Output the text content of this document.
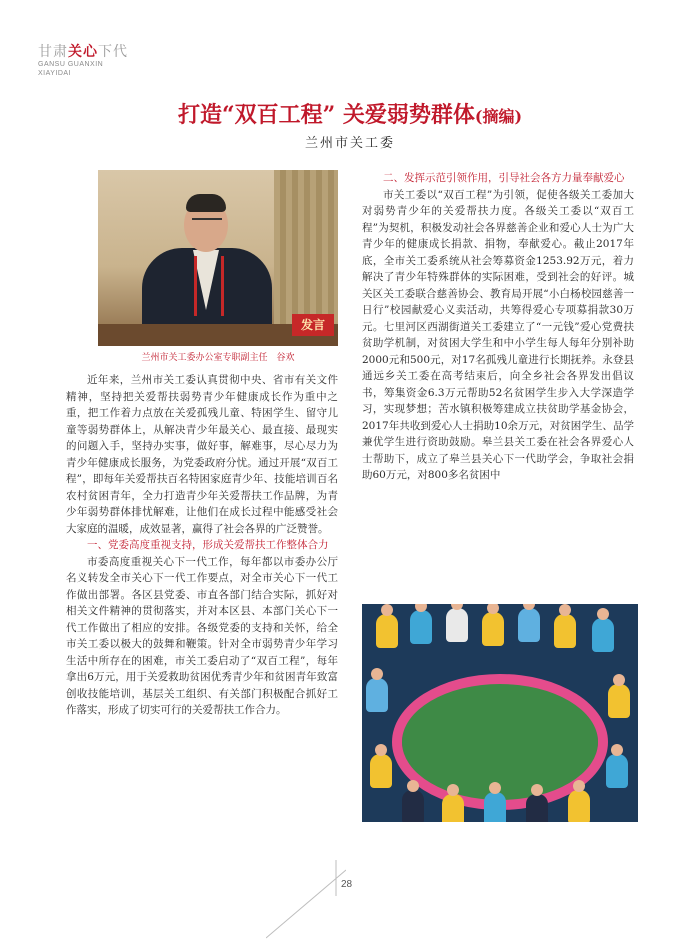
甘肃关心下代
GANSU GUANXIN
XIAYIDAI
打造“双百工程” 关爱弱势群体(摘编)
兰州市关工委
发言
兰州市关工委办公室专职副主任　谷欢

近年来，兰州市关工委认真贯彻中央、省市有关文件精神，坚持把关爱帮扶弱势青少年健康成长作为重中之重，把工作着力点放在关爱孤残儿童、特困学生、留守儿童等弱势群体上，从解决青少年最关心、最直接、最现实的问题入手，坚持办实事，做好事，解难事，尽心尽力为青少年健康成长服务，为党委政府分忧。通过开展“双百工程”，即每年关爱帮扶百名特困家庭青少年、技能培训百名农村贫困青年，全力打造青少年关爱帮扶工作品牌，为青少年弱势群体排忧解难，让他们在成长过程中能感受社会大家庭的温暖，成效显著，赢得了社会各界的广泛赞誉。

一、党委高度重视支持，形成关爱帮扶工作整体合力

市委高度重视关心下一代工作，每年都以市委办公厅名义转发全市关心下一代工作要点，对全市关心下一代工作做出部署。各区县党委、市直各部门结合实际，抓好对相关文件精神的贯彻落实，并对本区县、本部门关心下一代工作做出了相应的安排。各级党委的支持和关怀，给全市关工委以极大的鼓舞和鞭策。针对全市弱势青少年学习生活中所存在的困难，市关工委启动了“双百工程”，每年拿出6万元，用于关爱救助贫困优秀青少年和贫困青年致富创收技能培训，基层关工组织、有关部门积极配合抓好工作落实，形成了切实可行的关爱帮扶工作合力。

二、发挥示范引领作用，引导社会各方力量奉献爱心

市关工委以“双百工程”为引领，促使各级关工委加大对弱势青少年的关爱帮扶力度。各级关工委以“双百工程”为契机，积极发动社会各界慈善企业和爱心人士为广大青少年的健康成长捐款、捐物，奉献爱心。截止2017年底，全市关工委系统从社会筹募资金1253.92万元，着力解决了青少年特殊群体的实际困难，受到社会的好评。城关区关工委联合慈善协会、教育局开展“小白杨校园慈善一日行”校园献爱心义卖活动，共筹得爱心专项募捐款30万元。七里河区西湖街道关工委建立了“一元钱”爱心党费扶贫助学机制，对贫困大学生和中小学生每人每年分别补助2000元和500元，对17名孤残儿童进行长期抚养。永登县通远乡关工委在高考结束后，向全乡社会各界发出倡议书，筹集资金6.3万元帮助52名贫困学生步入大学深造学习，实现梦想；苦水镇积极筹建成立扶贫助学基金协会，2017年共收到爱心人士捐助10余万元，对贫困学生、品学兼优学生进行资助鼓励。皋兰县关工委在社会各界爱心人士帮助下，成立了皋兰县关心下一代助学会，争取社会捐助60万元，对800多名贫困中

28
